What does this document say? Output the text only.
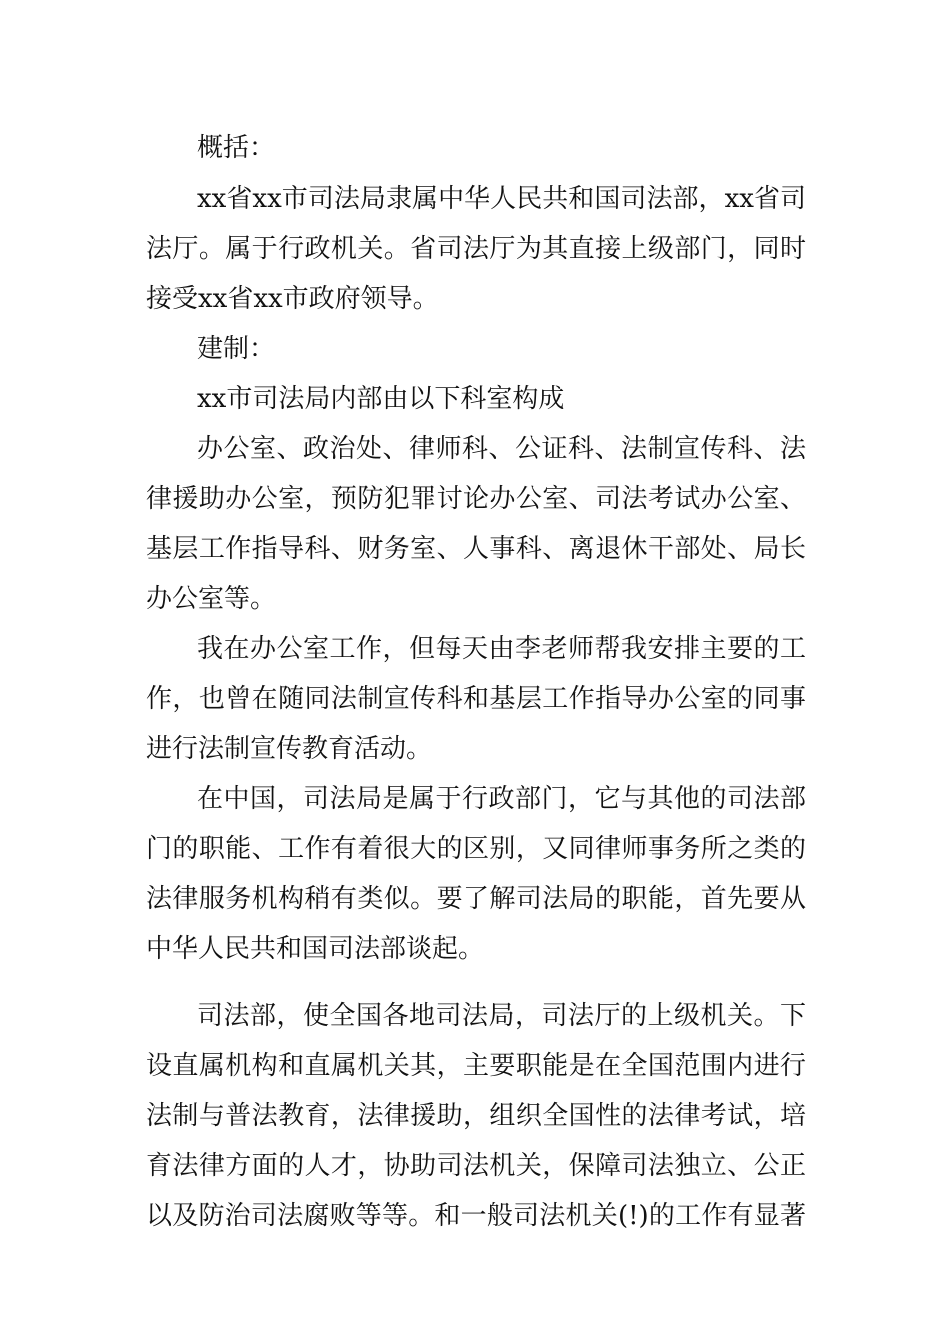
概括：
xx省xx市司法局隶属中华人民共和国司法部，xx省司
法厅。属于行政机关。省司法厅为其直接上级部门，同时
接受xx省xx市政府领导。
建制：
xx市司法局内部由以下科室构成
办公室、政治处、律师科、公证科、法制宣传科、法
律援助办公室，预防犯罪讨论办公室、司法考试办公室、
基层工作指导科、财务室、人事科、离退休干部处、局长
办公室等。
我在办公室工作，但每天由李老师帮我安排主要的工
作，也曾在随同法制宣传科和基层工作指导办公室的同事
进行法制宣传教育活动。
在中国，司法局是属于行政部门，它与其他的司法部
门的职能、工作有着很大的区别，又同律师事务所之类的
法律服务机构稍有类似。要了解司法局的职能，首先要从
中华人民共和国司法部谈起。
司法部，使全国各地司法局，司法厅的上级机关。下
设直属机构和直属机关其，主要职能是在全国范围内进行
法制与普法教育，法律援助，组织全国性的法律考试，培
育法律方面的人才，协助司法机关，保障司法独立、公正
以及防治司法腐败等等。和一般司法机关(!)的工作有显著
